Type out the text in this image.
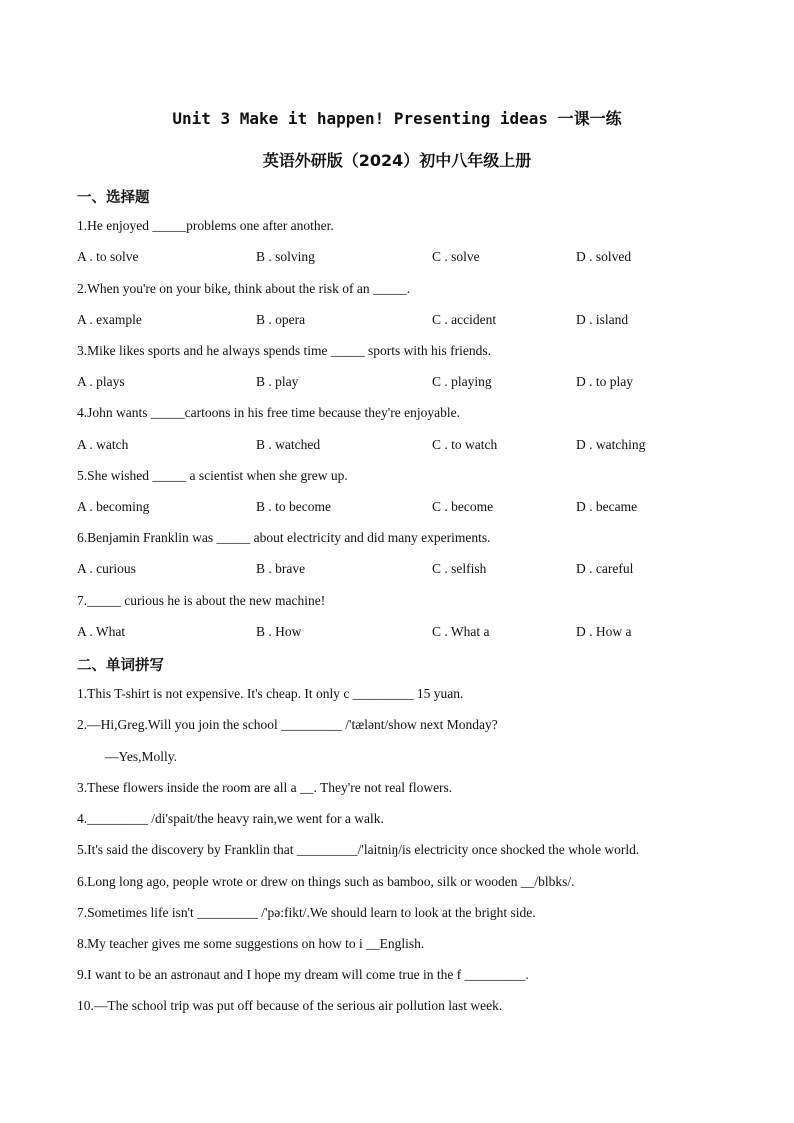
Unit 3 Make it happen! Presenting ideas 一课一练
英语外研版（2024）初中八年级上册
一、选择题
1.He enjoyed _____problems one after another.
A . to solve	B . solving	C . solve	D . solved
2.When you're on your bike, think about the risk of an _____.
A . example	B . opera	C . accident	D . island
3.Mike likes sports and he always spends time _____ sports with his friends.
A . plays	B . play	C . playing	D . to play
4.John wants _____cartoons in his free time because they're enjoyable.
A . watch	B . watched	C . to watch	D . watching
5.She wished _____ a scientist when she grew up.
A . becoming	B . to become	C . become	D . became
6.Benjamin Franklin was _____ about electricity and did many experiments.
A . curious	B . brave	C . selfish	D . careful
7._____ curious he is about the new machine!
A . What	B . How	C . What a	D . How a
二、单词拼写
1.This T-shirt is not expensive. It's cheap. It only c _________ 15 yuan.
2.—Hi,Greg.Will you join the school _________ /'tælənt/show next Monday?
—Yes,Molly.
3.These flowers inside the room are all a __. They're not real flowers.
4._________ /di'spait/the heavy rain,we went for a walk.
5.It's said the discovery by Franklin that _________/'laitniŋ/is electricity once shocked the whole world.
6.Long long ago, people wrote or drew on things such as bamboo, silk or wooden __/blbks/.
7.Sometimes life isn't _________ /'pə:fikt/.We should learn to look at the bright side.
8.My teacher gives me some suggestions on how to i __English.
9.I want to be an astronaut and I hope my dream will come true in the f _________.
10.—The school trip was put off because of the serious air pollution last week.
